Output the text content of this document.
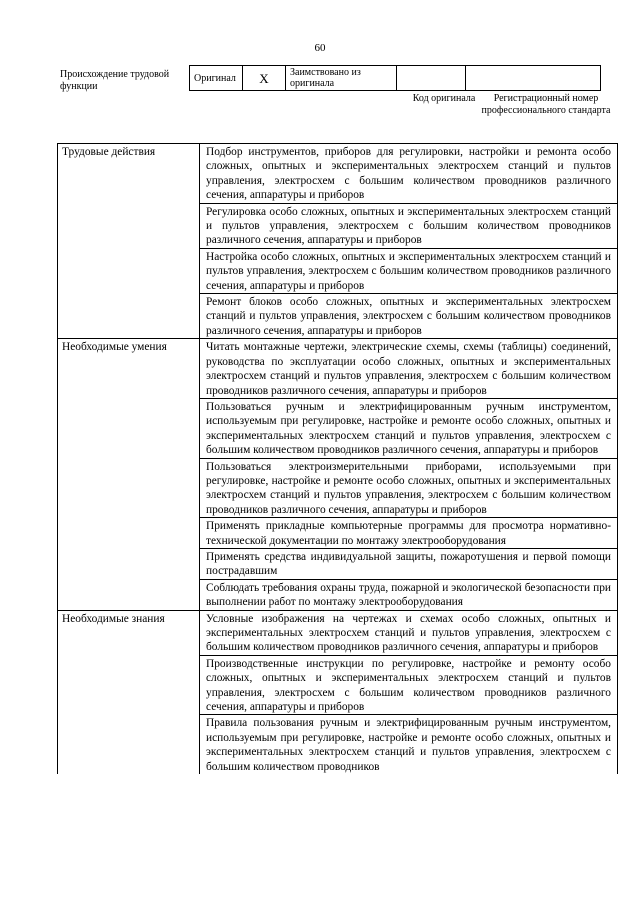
60
Происхождение трудовой функции
Оригинал	X	Заимствовано из оригинала		
Код оригинала	Регистрационный номер профессионального стандарта
Трудовые действия	Подбор инструментов, приборов для регулировки, настройки и ремонта особо сложных, опытных и экспериментальных электросхем станций и пультов управления, электросхем с большим количеством проводников различного сечения, аппаратуры и приборов
	Регулировка особо сложных, опытных и экспериментальных электросхем станций и пультов управления, электросхем с большим количеством проводников различного сечения, аппаратуры и приборов
	Настройка особо сложных, опытных и экспериментальных электросхем станций и пультов управления, электросхем с большим количеством проводников различного сечения, аппаратуры и приборов
	Ремонт блоков особо сложных, опытных и экспериментальных электросхем станций и пультов управления, электросхем с большим количеством проводников различного сечения, аппаратуры и приборов
Необходимые умения	Читать монтажные чертежи, электрические схемы, схемы (таблицы) соединений, руководства по эксплуатации особо сложных, опытных и экспериментальных электросхем станций и пультов управления, электросхем с большим количеством проводников различного сечения, аппаратуры и приборов
	Пользоваться ручным и электрифицированным ручным инструментом, используемым при регулировке, настройке и ремонте особо сложных, опытных и экспериментальных электросхем станций и пультов управления, электросхем с большим количеством проводников различного сечения, аппаратуры и приборов
	Пользоваться электроизмерительными приборами, используемыми при регулировке, настройке и ремонте особо сложных, опытных и экспериментальных электросхем станций и пультов управления, электросхем с большим количеством проводников различного сечения, аппаратуры и приборов
	Применять прикладные компьютерные программы для просмотра нормативно-технической документации по монтажу электрооборудования
	Применять средства индивидуальной защиты, пожаротушения и первой помощи пострадавшим
	Соблюдать требования охраны труда, пожарной и экологической безопасности при выполнении работ по монтажу электрооборудования
Необходимые знания	Условные изображения на чертежах и схемах особо сложных, опытных и экспериментальных электросхем станций и пультов управления, электросхем с большим количеством проводников различного сечения, аппаратуры и приборов
	Производственные инструкции по регулировке, настройке и ремонту особо сложных, опытных и экспериментальных электросхем станций и пультов управления, электросхем с большим количеством проводников различного сечения, аппаратуры и приборов
	Правила пользования ручным и электрифицированным ручным инструментом, используемым при регулировке, настройке и ремонте особо сложных, опытных и экспериментальных электросхем станций и пультов управления, электросхем с большим количеством проводников
